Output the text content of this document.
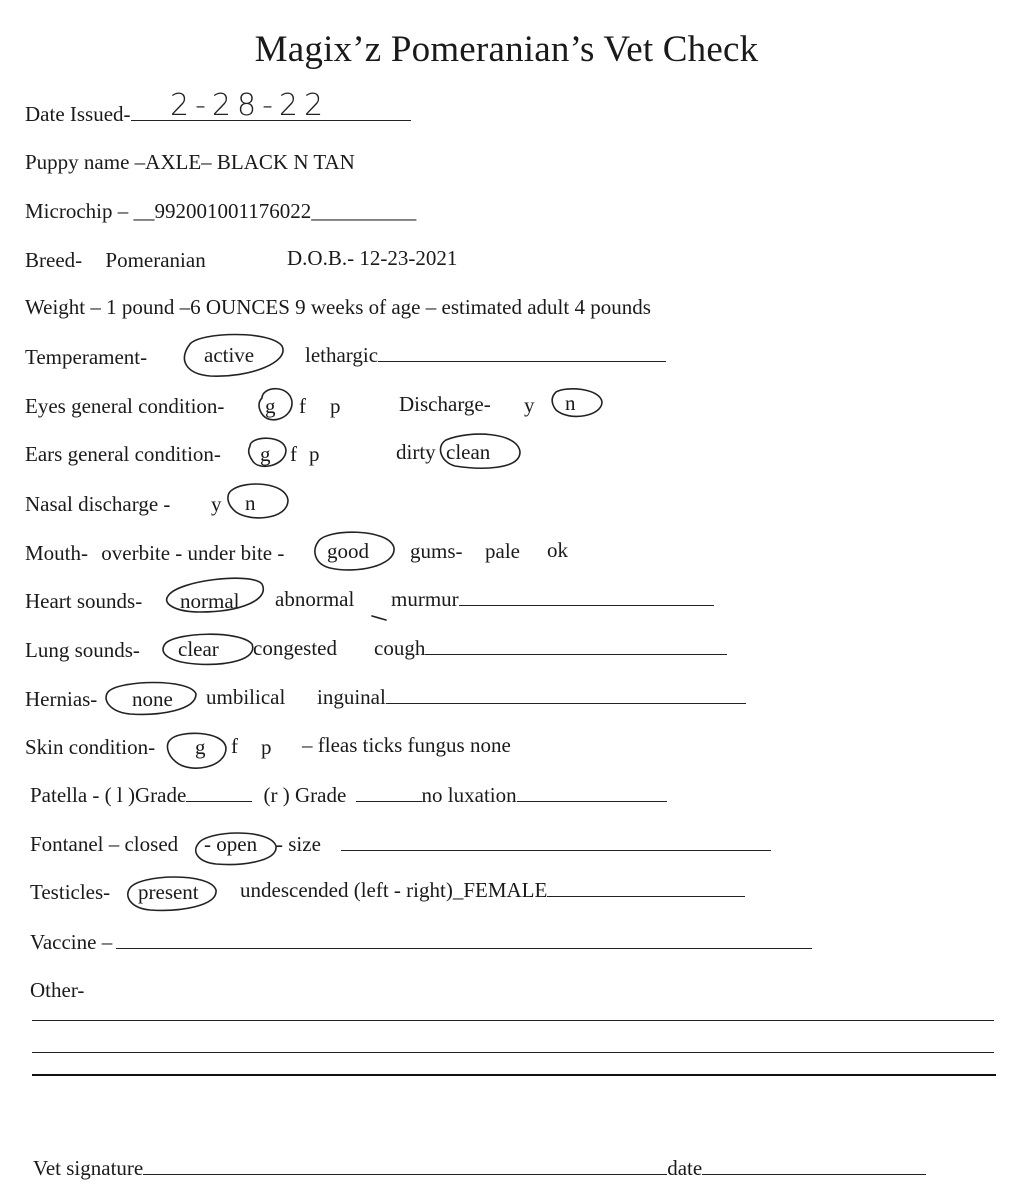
Magix’z Pomeranian’s Vet Check
Date Issued-	2-28-22
Puppy name –AXLE– BLACK N TAN
Microchip – __992001001176022__________
Breed- Pomeranian	D.O.B.- 12-23-2021
Weight – 1 pound –6 OUNCES 9 weeks of age – estimated adult 4 pounds
Temperament-	active lethargic
Eyes general condition- g f p	Discharge- y n
Ears general condition- g f p	dirty clean
Nasal discharge - y n
Mouth- overbite - under bite - good gums- pale ok
Heart sounds- normal abnormal murmur
Lung sounds- clear congested cough
Hernias- none umbilical inguinal
Skin condition- g f p – fleas ticks fungus none
Patella - ( l )Grade	(r ) Grade	no luxation
Fontanel – closed - open - size
Testicles- present undescended (left - right)_FEMALE
Vaccine –
Other-
Vet signature	date
